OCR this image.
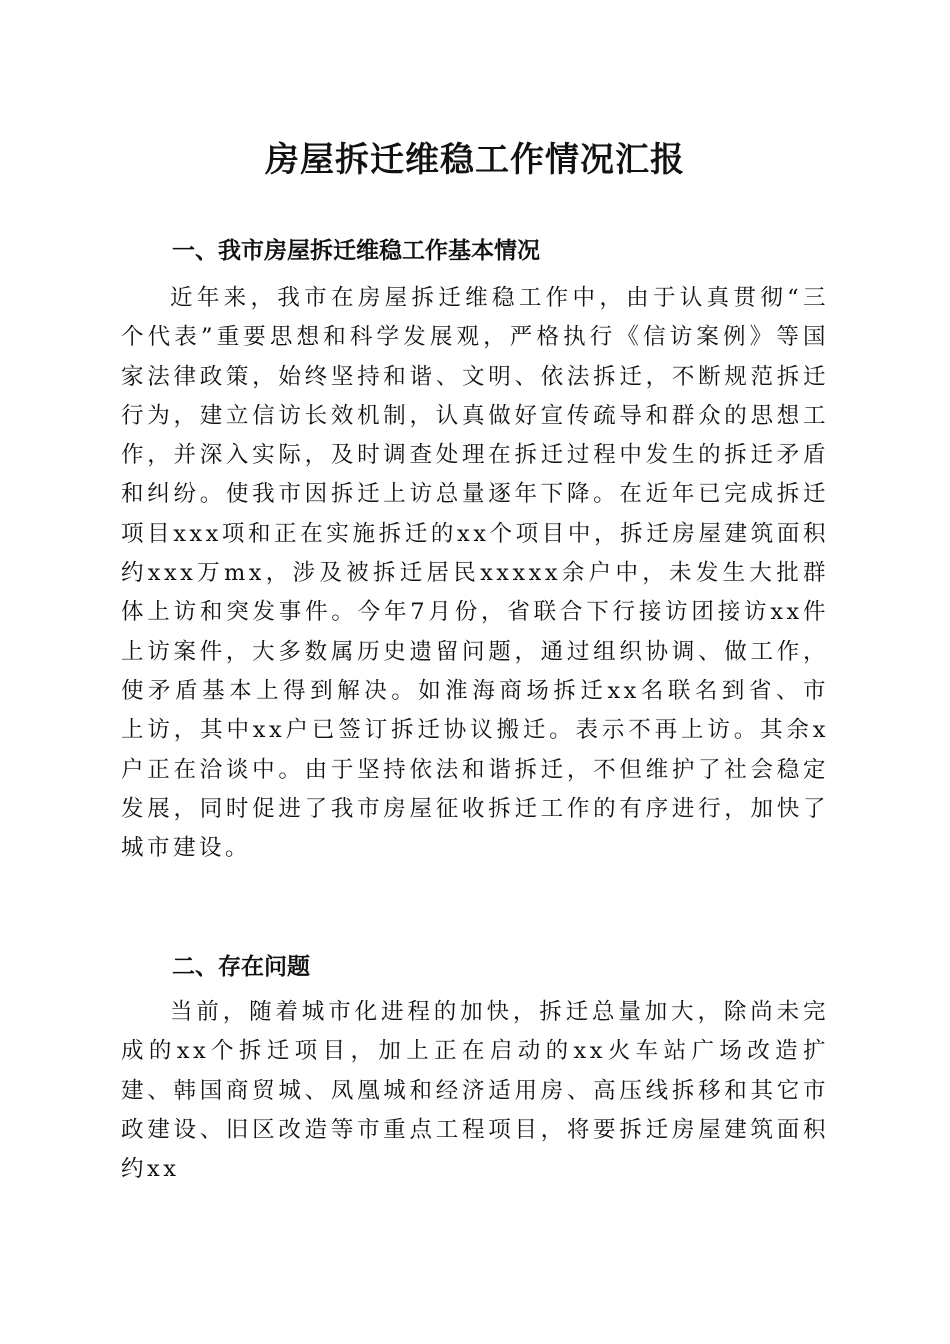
房屋拆迁维稳工作情况汇报
一、我市房屋拆迁维稳工作基本情况

近年来，我市在房屋拆迁维稳工作中，由于认真贯彻“三个代表”重要思想和科学发展观，严格执行《信访案例》等国家法律政策，始终坚持和谐、文明、依法拆迁，不断规范拆迁行为，建立信访长效机制，认真做好宣传疏导和群众的思想工作，并深入实际，及时调查处理在拆迁过程中发生的拆迁矛盾和纠纷。使我市因拆迁上访总量逐年下降。在近年已完成拆迁项目xxx项和正在实施拆迁的xx个项目中，拆迁房屋建筑面积约xxx万mx，涉及被拆迁居民xxxxx余户中，未发生大批群体上访和突发事件。今年7月份，省联合下行接访团接访xx件上访案件，大多数属历史遗留问题，通过组织协调、做工作，使矛盾基本上得到解决。如淮海商场拆迁xx名联名到省、市上访，其中xx户已签订拆迁协议搬迁。表示不再上访。其余x户正在洽谈中。由于坚持依法和谐拆迁，不但维护了社会稳定发展，同时促进了我市房屋征收拆迁工作的有序进行，加快了城市建设。

二、存在问题

当前，随着城市化进程的加快，拆迁总量加大，除尚未完成的xx个拆迁项目，加上正在启动的xx火车站广场改造扩建、韩国商贸城、凤凰城和经济适用房、高压线拆移和其它市政建设、旧区改造等市重点工程项目，将要拆迁房屋建筑面积约xx
